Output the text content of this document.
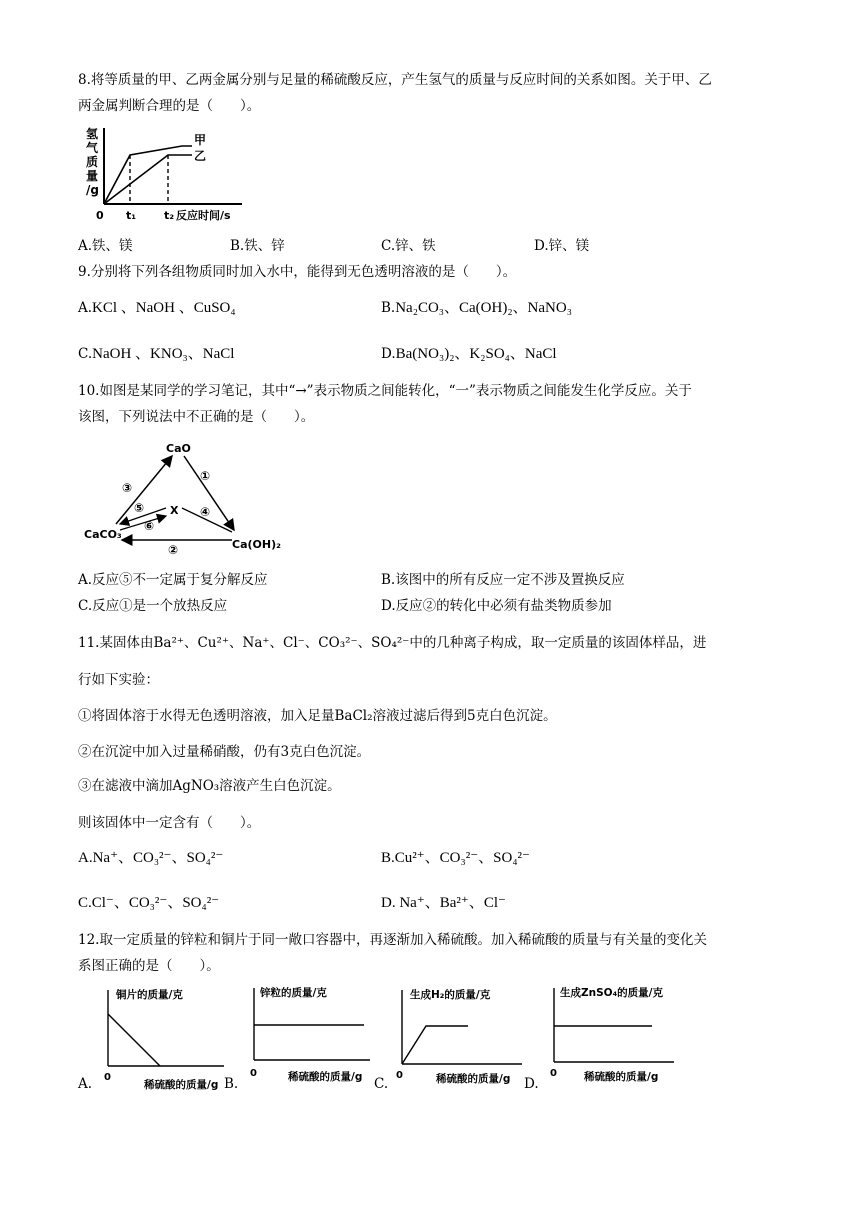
8.将等质量的甲、乙两金属分别与足量的稀硫酸反应，产生氢气的质量与反应时间的关系如图。关于甲、乙
两金属判断合理的是（　　）。
氢
气
质
量
/g
甲
乙
0 t₁	t₂ 反应时间/s
A.铁、镁	B.铁、锌	C.锌、铁	D.锌、镁
9.分别将下列各组物质同时加入水中，能得到无色透明溶液的是（　　）。
A.KCl 、NaOH 、CuSO₄	B.Na₂CO₃、Ca(OH)₂、NaNO₃
C.NaOH 、KNO₃、NaCl	D.Ba(NO₃)₂、K₂SO₄、NaCl
10.如图是某同学的学习笔记，其中“→”表示物质之间能转化，“一”表示物质之间能发生化学反应。关于
该图，下列说法中不正确的是（　　）。
CaO
CaCO₃
Ca(OH)₂
X
③
①
②
④
⑤
⑥
A.反应⑤不一定属于复分解反应	B.该图中的所有反应一定不涉及置换反应
C.反应①是一个放热反应	D.反应②的转化中必须有盐类物质参加
11.某固体由Ba²⁺、Cu²⁺、Na⁺、Cl⁻、CO₃²⁻、SO₄²⁻中的几种离子构成，取一定质量的该固体样品，进
行如下实验：
①将固体溶于水得无色透明溶液，加入足量BaCl₂溶液过滤后得到5克白色沉淀。
②在沉淀中加入过量稀硝酸，仍有3克白色沉淀。
③在滤液中滴加AgNO₃溶液产生白色沉淀。
则该固体中一定含有（　　）。
A.Na⁺、CO₃²⁻、SO₄²⁻	B.Cu²⁺、CO₃²⁻、SO₄²⁻
C.Cl⁻、CO₃²⁻、SO₄²⁻	D. Na⁺、Ba²⁺、Cl⁻
12.取一定质量的锌粒和铜片于同一敞口容器中，再逐渐加入稀硫酸。加入稀硫酸的质量与有关量的变化关
系图正确的是（　　）。
A.
铜片的质量/克
0
稀硫酸的质量/g B.
锌粒的质量/克
0	稀硫酸的质量/g C.
生成H₂的质量/克
0	稀硫酸的质量/g D.
生成ZnSO₄的质量/克
0	稀硫酸的质量/g
